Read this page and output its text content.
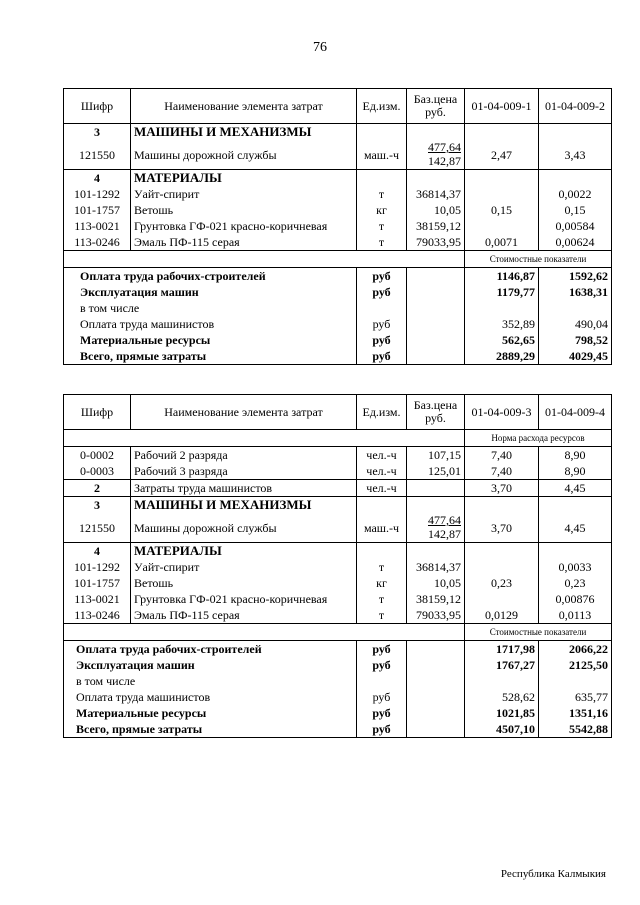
76
Шифр	Наименование элемента затрат	Ед.изм.	Баз.цена руб.	01-04-009-1	01-04-009-2
3	МАШИНЫ И МЕХАНИЗМЫ				
121550	Машины дорожной службы	маш.-ч	$\frac{477,64}{142,87}$	2,47	3,43
4	МАТЕРИАЛЫ				
101-1292	Уайт-спирит	т	36814,37		0,0022
101-1757	Ветошь	кг	10,05	0,15	0,15
113-0021	Грунтовка ГФ-021 красно-коричневая	т	38159,12		0,00584
113-0246	Эмаль ПФ-115 серая	т	79033,95	0,0071	0,00624
				Стоимостные показатели	
Оплата труда рабочих-строителей		руб		1146,87	1592,62
Эксплуатация машин		руб		1179,77	1638,31
в том числе					
Оплата труда машинистов		руб		352,89	490,04
Материальные ресурсы		руб		562,65	798,52
Всего, прямые затраты		руб		2889,29	4029,45
Шифр	Наименование элемента затрат	Ед.изм.	Баз.цена руб.	01-04-009-3	01-04-009-4
				Норма расхода ресурсов	
0-0002	Рабочий 2 разряда	чел.-ч	107,15	7,40	8,90
0-0003	Рабочий 3 разряда	чел.-ч	125,01	7,40	8,90
2	Затраты труда машинистов	чел.-ч		3,70	4,45
3	МАШИНЫ И МЕХАНИЗМЫ				
121550	Машины дорожной службы	маш.-ч	$\frac{477,64}{142,87}$	3,70	4,45
4	МАТЕРИАЛЫ				
101-1292	Уайт-спирит	т	36814,37		0,0033
101-1757	Ветошь	кг	10,05	0,23	0,23
113-0021	Грунтовка ГФ-021 красно-коричневая	т	38159,12		0,00876
113-0246	Эмаль ПФ-115 серая	т	79033,95	0,0129	0,0113
				Стоимостные показатели	
Оплата труда рабочих-строителей		руб		1717,98	2066,22
Эксплуатация машин		руб		1767,27	2125,50
в том числе					
Оплата труда машинистов		руб		528,62	635,77
Материальные ресурсы		руб		1021,85	1351,16
Всего, прямые затраты		руб		4507,10	5542,88
Республика Калмыкия
